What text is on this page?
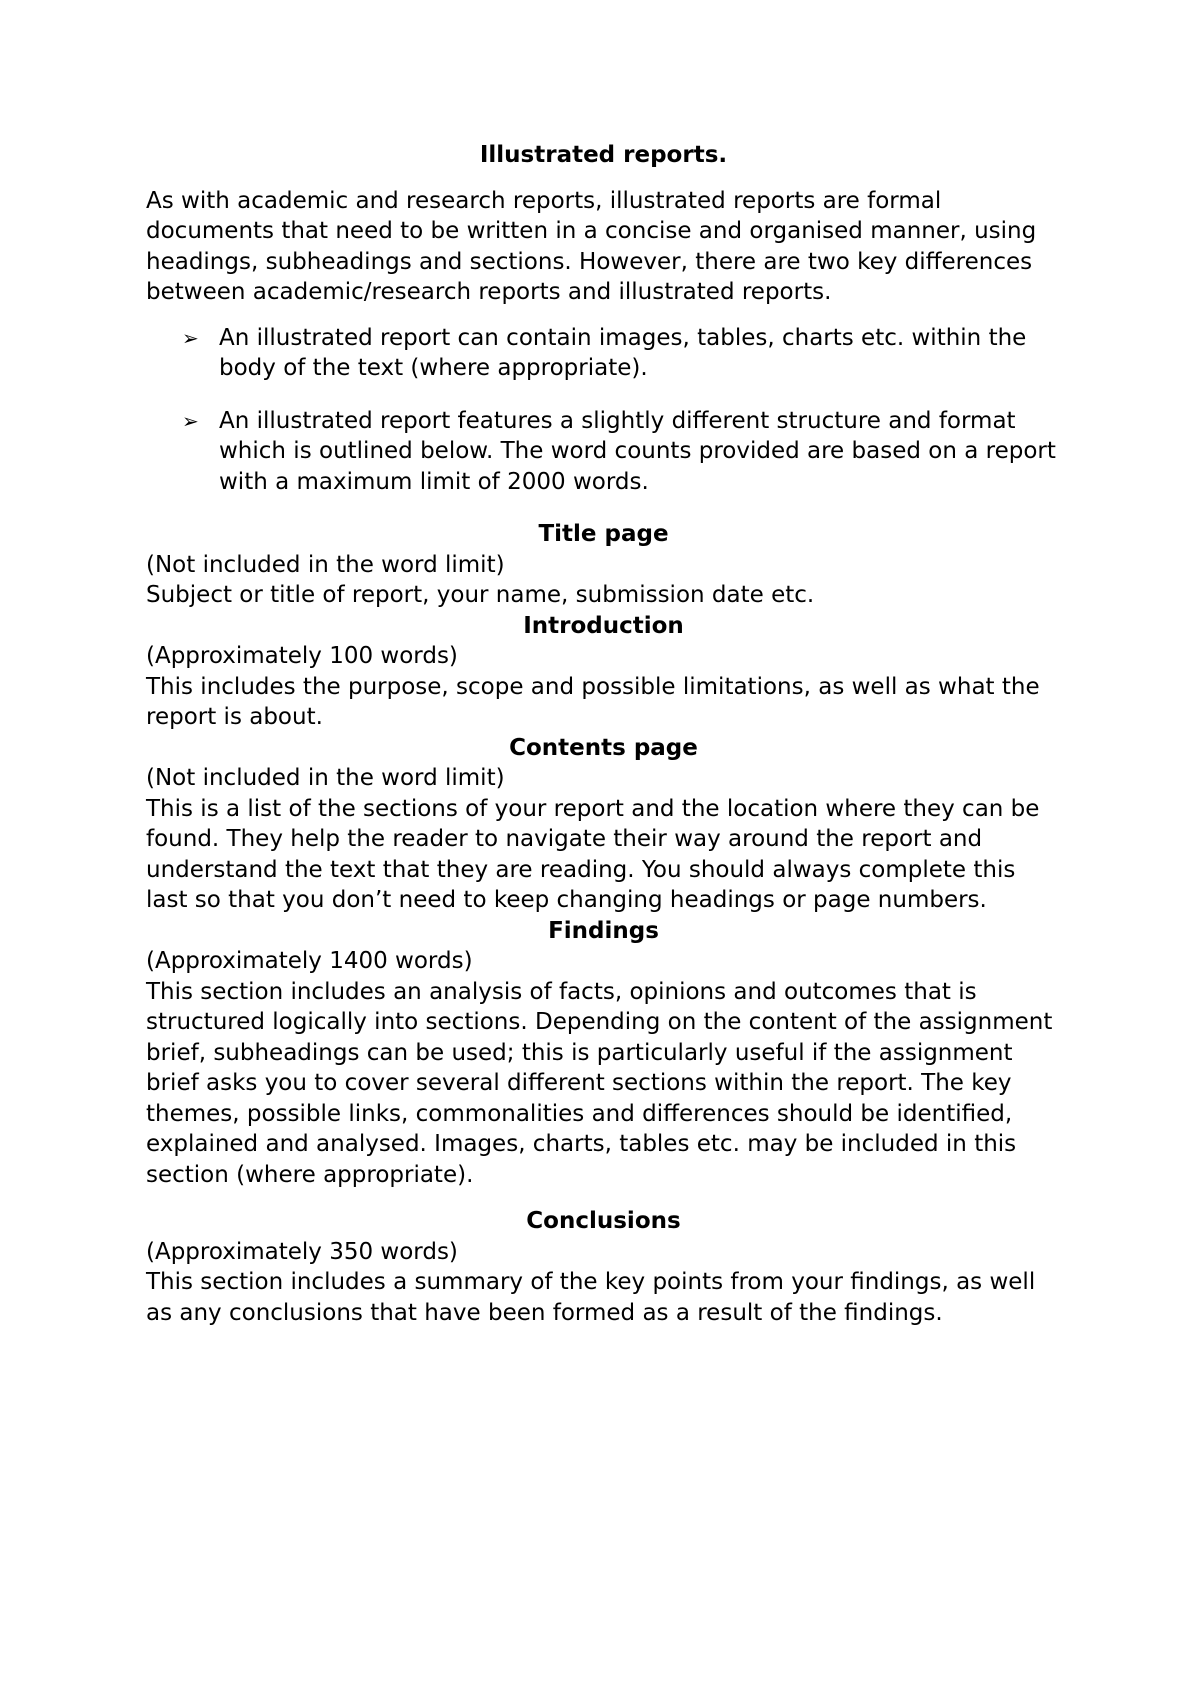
Illustrated reports.

As with academic and research reports, illustrated reports are formal documents that need to be written in a concise and organised manner, using headings, subheadings and sections. However, there are two key differences between academic/research reports and illustrated reports.

➢ An illustrated report can contain images, tables, charts etc. within the body of the text (where appropriate).
➢ An illustrated report features a slightly different structure and format which is outlined below. The word counts provided are based on a report with a maximum limit of 2000 words.

Title page

(Not included in the word limit)

Subject or title of report, your name, submission date etc.

Introduction

(Approximately 100 words)

This includes the purpose, scope and possible limitations, as well as what the report is about.

Contents page

(Not included in the word limit)

This is a list of the sections of your report and the location where they can be found. They help the reader to navigate their way around the report and understand the text that they are reading. You should always complete this last so that you don’t need to keep changing headings or page numbers.

Findings

(Approximately 1400 words)

This section includes an analysis of facts, opinions and outcomes that is structured logically into sections. Depending on the content of the assignment brief, subheadings can be used; this is particularly useful if the assignment brief asks you to cover several different sections within the report. The key themes, possible links, commonalities and differences should be identified, explained and analysed. Images, charts, tables etc. may be included in this section (where appropriate).

Conclusions

(Approximately 350 words)

This section includes a summary of the key points from your findings, as well as any conclusions that have been formed as a result of the findings.
